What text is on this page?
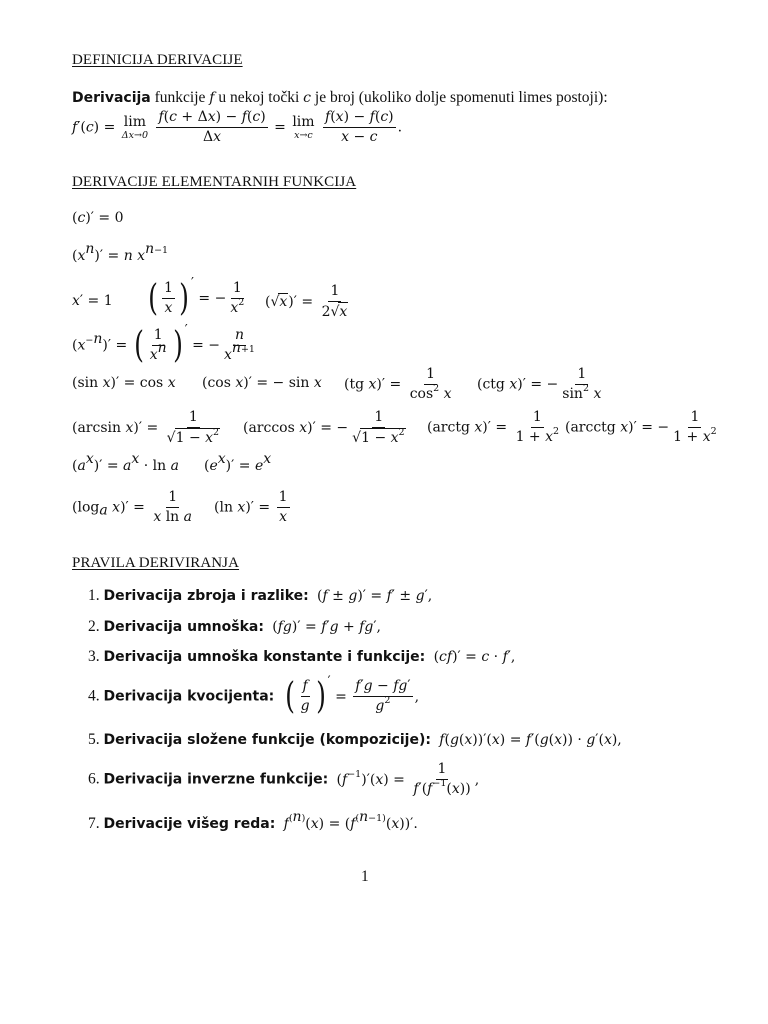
DEFINICIJA DERIVACIJE
Derivacija funkcije f u nekoj točki c je broj (ukoliko dolje spomenuti limes postoji):
f′(c) = lim
Δx→0
$\frac{f(c + \Delta x) - f(c)}{\Delta x} = \lim$
x→c
$\frac{f(x) - f(c)}{x - c}$ .
DERIVACIJE ELEMENTARNIH FUNKCIJA
(c)′ = 0
$(x^n)' = n$ $x^{n-1}$
x′ = 1 ( $\frac{1}{x}$ ) ′ = − $\frac{1}{x^2} (√x)' = \frac{1}{2√x}$
$(x^{-n})'$ = ( $\frac{1}{x^n}$ ) ′ = − $\frac{n}{x^{n+1}}$
(sin x)′ = cos x (cos x)′ = − sin x (tg $x)' = \frac{1}{\cos^2 x} (ctg$ x)′ = − $\frac{1}{\sin^2 x}$
(arcsin $x)' = \frac{1}{√1 - x^2} (\arccos$ x)′ = − $\frac{1}{√1 - x^2}$ (arctg $x)' = \frac{1}{1 + x^2}$ (arcctg x)′ = − $\frac{1}{1 + x^2}$
$(a^x)' = a^x \cdot \ln a$ $(e^x)' = e^x$
($\log_a$ $x)' = \frac{1}{\text{x ln a}} (\ln$ $x)' = \frac{1}{x}$
PRAVILA DERIVIRANJA
1. Derivacija zbroja i razlike:  (f ± g)′ = f′ ± g′,
2. Derivacija umnoška:  (fg)′ = f′g + fg′,
3. Derivacija umnoška konstante i funkcije:  (cf)′ = c · f′,
4. Derivacija kvocijenta: ( $\frac{f}{g}$ ) ′ = $\frac{f'g - fg'}{g^2}$ ,
5. Derivacija složene funkcije (kompozicije): f(g(x))′(x) = f′(g(x)) · g′(x),
6. Derivacija inverzne funkcije:  $(f^{-1})'(x) = \frac{1}{f'(f^{-1}(x))}$ ,
7. Derivacije višeg reda: $f^{(n)}(x) = (f^{(n-1)}(x))'$.
1
